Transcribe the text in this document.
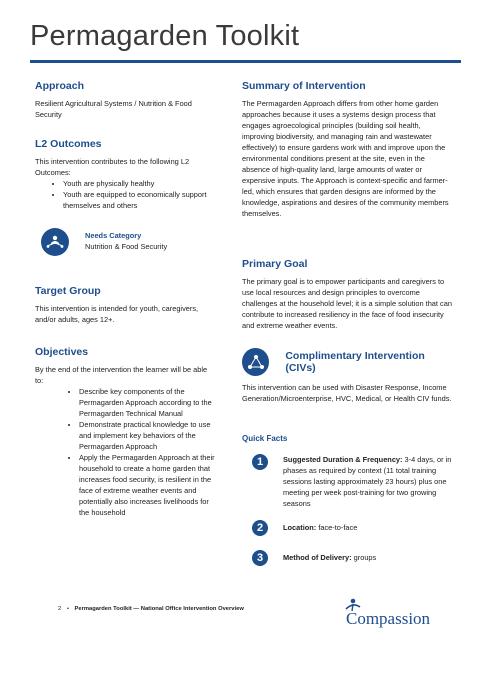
Permagarden Toolkit
Approach

Resilient Agricultural Systems / Nutrition & Food Security

L2 Outcomes

This intervention contributes to the following L2 Outcomes:

• Youth are physically healthy
• Youth are equipped to economically support themselves and others
Needs Category

Nutrition & Food Security

Target Group

This intervention is intended for youth, caregivers, and/or adults, ages 12+.

Objectives

By the end of the intervention the learner will be able to:

• Describe key components of the Permagarden Approach according to the Permagarden Technical Manual
• Demonstrate practical knowledge to use and implement key behaviors of the Permagarden Approach
• Apply the Permagarden Approach at their household to create a home garden that increases food security, is resilient in the face of extreme weather events and potentially also increases livelihoods for the household
Summary of Intervention

The Permagarden Approach differs from other home garden approaches because it uses a systems design process that engages agroecological principles (building soil health, improving biodiversity, and managing rain and wastewater effectively) to ensure gardens work with and improve upon the environmental conditions present at the site, even in the absence of high-quality land, large amounts of water or expensive inputs. The Approach is context-specific and farmer-led, which ensures that garden designs are informed by the knowledge, aspirations and desires of the community members themselves.

Primary Goal

The primary goal is to empower participants and caregivers to use local resources and design principles to overcome challenges at the household level; it is a simple solution that can contribute to increased resiliency in the face of food insecurity and extreme weather events.

Complimentary Intervention (CIVs)

This intervention can be used with Disaster Response, Income Generation/Microenterprise, HVC, Medical, or Health CIV funds.

Quick Facts
1	Suggested Duration & Frequency: 3-4 days, or in phases as required by context (11 total training sessions lasting approximately 23 hours) plus one meeting per week post-training for two growing seasons
2	Location: face-to-face
3	Method of Delivery: groups
2 • Permagarden Toolkit — National Office Intervention Overview	Compassion
